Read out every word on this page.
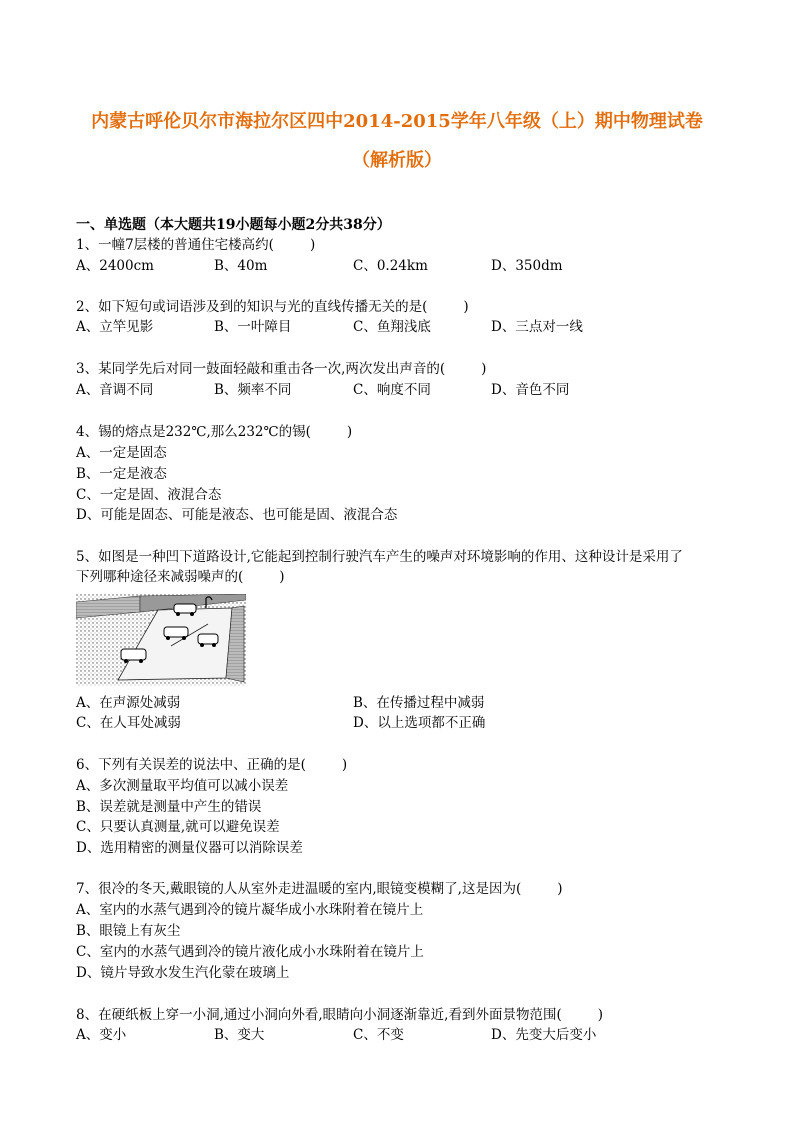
内蒙古呼伦贝尔市海拉尔区四中2014-2015学年八年级（上）期中物理试卷
（解析版）
一、单选题（本大题共19小题每小题2分共38分）
1、一幢7层楼的普通住宅楼高约(	)
A、2400cm	B、40m	C、0.24km	D、350dm
2、如下短句或词语涉及到的知识与光的直线传播无关的是(	)
A、立竿见影	B、一叶障目	C、鱼翔浅底	D、三点对一线
3、某同学先后对同一鼓面轻敲和重击各一次,两次发出声音的(	)
A、音调不同	B、频率不同	C、响度不同	D、音色不同
4、锡的熔点是232℃,那么232℃的锡(	)
A、一定是固态
B、一定是液态
C、一定是固、液混合态
D、可能是固态、可能是液态、也可能是固、液混合态
5、如图是一种凹下道路设计,它能起到控制行驶汽车产生的噪声对环境影响的作用、这种设计是采用了
下列哪种途径来减弱噪声的(	)
A、在声源处减弱	B、在传播过程中减弱
C、在人耳处减弱	D、以上选项都不正确
6、下列有关误差的说法中、正确的是(	)
A、多次测量取平均值可以减小误差
B、误差就是测量中产生的错误
C、只要认真测量,就可以避免误差
D、选用精密的测量仪器可以消除误差
7、很冷的冬天,戴眼镜的人从室外走进温暖的室内,眼镜变模糊了,这是因为(	)
A、室内的水蒸气遇到冷的镜片凝华成小水珠附着在镜片上
B、眼镜上有灰尘
C、室内的水蒸气遇到冷的镜片液化成小水珠附着在镜片上
D、镜片导致水发生汽化蒙在玻璃上
8、在硬纸板上穿一小洞,通过小洞向外看,眼睛向小洞逐渐靠近,看到外面景物范围(	)
A、变小	B、变大	C、不变	D、先变大后变小
